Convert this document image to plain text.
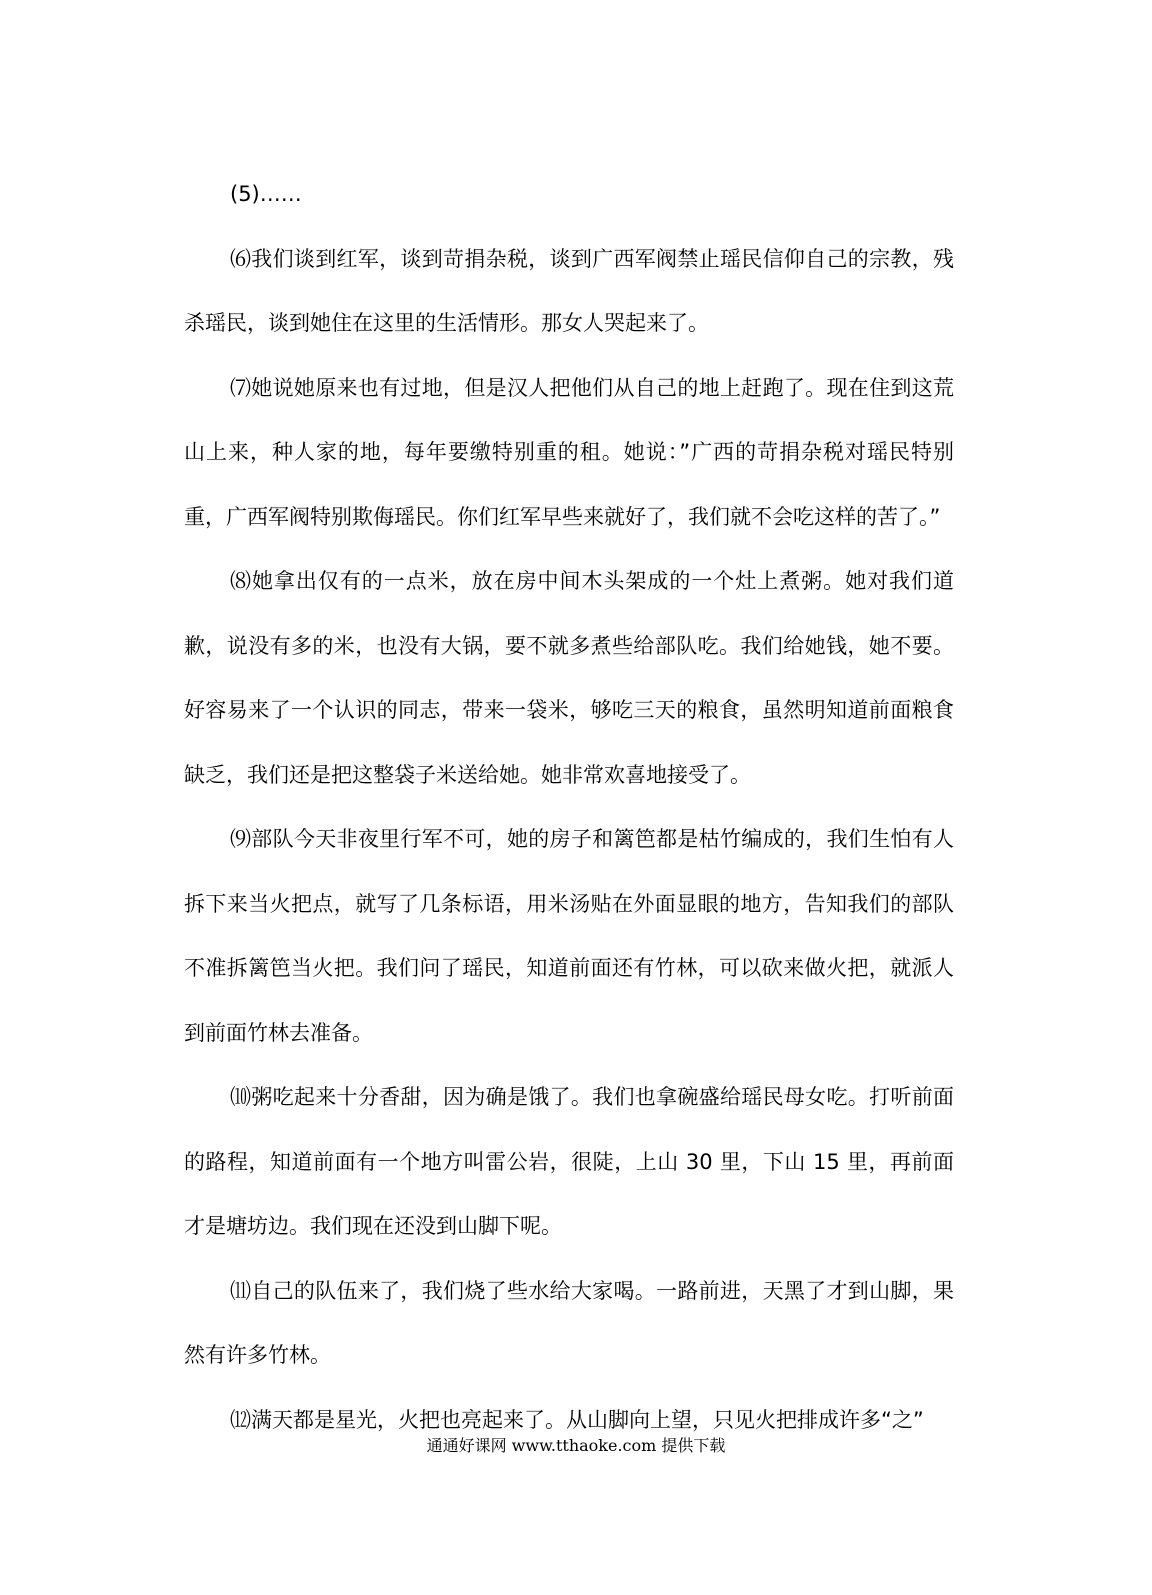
(5)……

⑹我们谈到红军，谈到苛捐杂税，谈到广西军阀禁止瑶民信仰自己的宗教，残杀瑶民，谈到她住在这里的生活情形。那女人哭起来了。

⑺她说她原来也有过地，但是汉人把他们从自己的地上赶跑了。现在住到这荒山上来，种人家的地，每年要缴特别重的租。她说：”广西的苛捐杂税对瑶民特别重，广西军阀特别欺侮瑶民。你们红军早些来就好了，我们就不会吃这样的苦了。”

⑻她拿出仅有的一点米，放在房中间木头架成的一个灶上煮粥。她对我们道歉，说没有多的米，也没有大锅，要不就多煮些给部队吃。我们给她钱，她不要。好容易来了一个认识的同志，带来一袋米，够吃三天的粮食，虽然明知道前面粮食缺乏，我们还是把这整袋子米送给她。她非常欢喜地接受了。

⑼部队今天非夜里行军不可，她的房子和篱笆都是枯竹编成的，我们生怕有人拆下来当火把点，就写了几条标语，用米汤贴在外面显眼的地方，告知我们的部队不准拆篱笆当火把。我们问了瑶民，知道前面还有竹林，可以砍来做火把，就派人到前面竹林去准备。

⑽粥吃起来十分香甜，因为确是饿了。我们也拿碗盛给瑶民母女吃。打听前面的路程，知道前面有一个地方叫雷公岩，很陡，上山 30 里，下山 15 里，再前面才是塘坊边。我们现在还没到山脚下呢。

⑾自己的队伍来了，我们烧了些水给大家喝。一路前进，天黑了才到山脚，果然有许多竹林。

⑿满天都是星光，火把也亮起来了。从山脚向上望，只见火把排成许多“之”

通通好课网 www.tthaoke.com 提供下载
